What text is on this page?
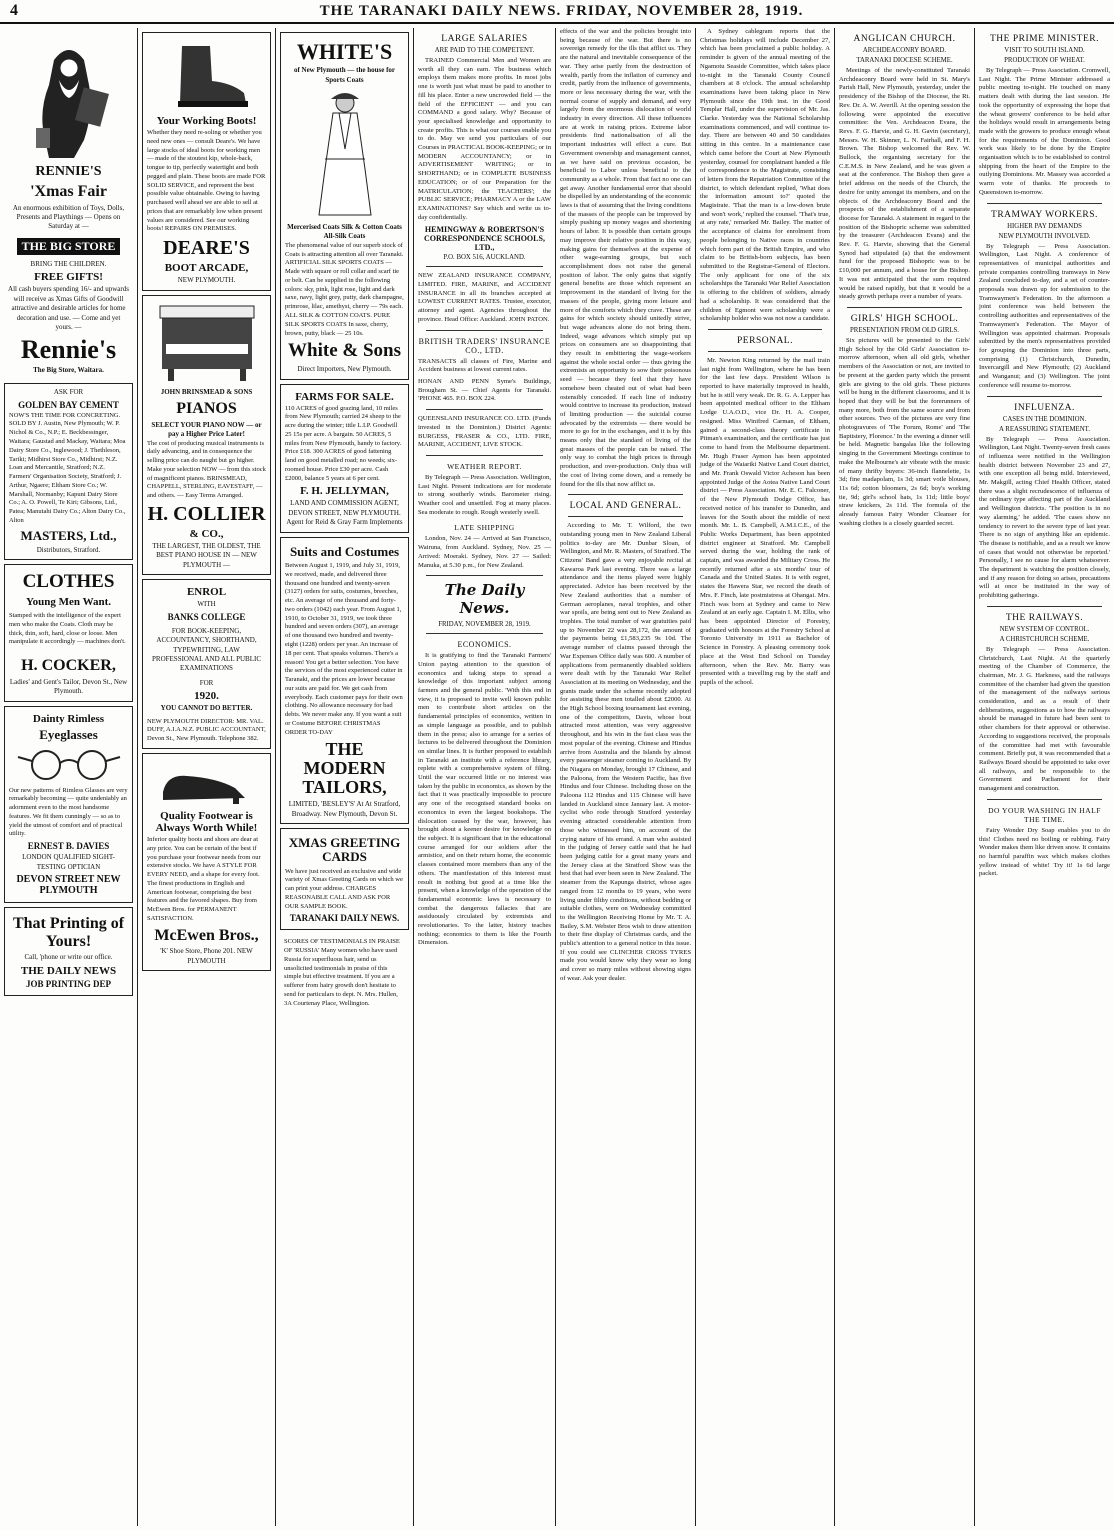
4	THE TARANAKI DAILY NEWS. FRIDAY, NOVEMBER 28, 1919.
RENNIE'S
'Xmas Fair
An enormous exhibition of Toys, Dolls, Presents and Playthings — Opens on Saturday at —
THE BIG STORE
BRING THE CHILDREN.
FREE GIFTS!
All cash buyers spending 16/- and upwards will receive as Xmas Gifts of Goodwill attractive and desirable articles for home decoration and use. — Come and yet yours. —
Rennie's
The Big Store, Waitara.
ASK FOR
GOLDEN BAY CEMENT
NOW'S THE TIME FOR CONCRETING. SOLD BY J. Austin, New Plymouth; W. P. Nichol & Co., N.P.; E. Beckbessinger, Waitara; Gaustad and Mackay, Waitara; Moa Dairy Store Co., Inglewood; J. Thethleson, Tariki; Midhirst Store Co., Midhirst; N.Z. Loan and Mercantile, Stratford; N.Z. Farmers' Organisation Society, Stratford; J. Arthur, Ngaere; Eltham Store Co.; W. Marshall, Normanby; Kapuni Dairy Store Co.; A. O. Powell, Te Kiri; Gibsons, Ltd., Patea; Manutahi Dairy Co.; Alton Dairy Co., Alton
MASTERS, Ltd.,
Distributors, Stratford.
CLOTHES
Young Men Want.
Stamped with the intelligence of the expert men who make the Coats. Cloth may be thick, thin, soft, hard, close or loose. Men manipulate it accordingly — machines don't.
H. COCKER,
Ladies' and Gent's Tailor, Devon St., New Plymouth.
Dainty Rimless
Eyeglasses
Our new patterns of Rimless Glasses are very remarkably becoming — quite undeniably an adornment even to the most handsome features. We fit them cunningly — so as to yield the utmost of comfort and of practical utility.
ERNEST B. DAVIES
LONDON QUALIFIED SIGHT-TESTING OPTICIAN
DEVON STREET NEW PLYMOUTH
That Printing of Yours!
Call, 'phone or write our office.
THE DAILY NEWS
JOB PRINTING DEP
Your Working Boots!
Whether they need re-soling or whether you need new ones — consult Deare's. We have large stocks of ideal boots for working men — made of the stoutest kip, whole-back, tongue to tip, perfectly watertight and both pegged and plain. These boots are made FOR SOLID SERVICE, and represent the best possible value obtainable. Owing to having purchased well ahead we are able to sell at prices that are remarkably low when present values are considered. See our working boots! REPAIRS ON PREMISES.
DEARE'S
BOOT ARCADE,
NEW PLYMOUTH.
JOHN BRINSMEAD & SONS
PIANOS
SELECT YOUR PIANO NOW — or pay a Higher Price Later!
The cost of producing musical instruments is daily advancing, and in consequence the selling price can do naught but go higher. Make your selection NOW — from this stock of magnificent pianos. BRINSMEAD, CHAPPELL, STERLING, EAVESTAFF, — and others. — Easy Terms Arranged.
H. COLLIER
& CO.,
THE LARGEST, THE OLDEST, THE BEST PIANO HOUSE IN — NEW PLYMOUTH —
ENROL
WITH
BANKS COLLEGE
FOR BOOK-KEEPING, ACCOUNTANCY, SHORTHAND, TYPEWRITING, LAW PROFESSIONAL AND ALL PUBLIC EXAMINATIONS
FOR
1920.
YOU CANNOT DO BETTER.
NEW PLYMOUTH DIRECTOR: MR. VAL. DUFF, A.I.A.N.Z. PUBLIC ACCOUNTANT, Devon St., New Plymouth. Telephone 382.
Quality Footwear is Always Worth While!
Inferior quality boots and shoes are dear at any price. You can be certain of the best if you purchase your footwear needs from our extensive stocks. We have A STYLE FOR EVERY NEED, and a shape for every foot. The finest productions in English and American footwear, comprising the best features and the favored shapes. Buy from McEwen Bros. for PERMANENT SATISFACTION.
McEwen Bros.,
'K' Shoe Store, Phone 201. NEW PLYMOUTH
WHITE'S
of New Plymouth — the house for Sports Coats
Mercerised Coats Silk & Cotton Coats All-Silk Coats
The phenomenal value of our superb stock of Coats is attracting attention all over Taranaki. ARTIFICIAL SILK SPORTS COATS — Made with square or roll collar and scarf tie or belt. Can be supplied in the following colors: sky, pink, light rose, light and dark saxe, navy, light grey, putty, dark champagne, primrose, lilac, amethyst, cherry — 79s each. ALL SILK & COTTON COATS. PURE SILK SPORTS COATS In saxe, cherry, brown, putty, black — 25 10s.
White & Sons
Direct Importers, New Plymouth.
FARMS FOR SALE.
110 ACRES of good grazing land, 10 miles from New Plymouth; carried 24 sheep to the acre during the winter; title L.I.P. Goodwill 25 15s per acre. A bargain. 50 ACRES, 5 miles from New Plymouth, handy to factory. Price £18. 300 ACRES of good fattening land on good metalled road; no weeds; six-roomed house. Price £30 per acre. Cash £2000, balance 5 years at 6 per cent.
F. H. JELLYMAN,
LAND AND COMMISSION AGENT, DEVON STREET, NEW PLYMOUTH. Agent for Reid & Gray Farm Implements
Suits and Costumes
Between August 1, 1919, and July 31, 1919, we received, made, and delivered three thousand one hundred and twenty-seven (3127) orders for suits, costumes, breeches, etc. An average of one thousand and forty-two orders (1042) each year. From August 1, 1910, to October 31, 1919, we took three hundred and seven orders (307), an average of one thousand two hundred and twenty-eight (1228) orders per year. An increase of 18 per cent. That speaks volumes. There's a reason! You get a better selection. You have the services of the most experienced cutter in Taranaki, and the prices are lower because our suits are paid for. We get cash from everybody. Each customer pays for their own clothing. No allowance necessary for bad debts. We never make any. If you want a suit or Costume BEFORE CHRISTMAS ORDER TO-DAY
THE MODERN TAILORS,
LIMITED, 'BESLEY'S' At At Stratford, Broadway. New Plymouth, Devon St.
XMAS GREETING CARDS
We have just received an exclusive and wide variety of Xmas Greeting Cards on which we can print your address. CHARGES REASONABLE CALL AND ASK FOR OUR SAMPLE BOOK.
TARANAKI DAILY NEWS.
SCORES OF TESTIMONIALS IN PRAISE OF 'RUSSIA' Many women who have used Russia for superfluous hair, send us unsolicited testimonials in praise of this simple but effective treatment. If you are a sufferer from hairy growth don't hesitate to send for particulars to dept. N. Mrs. Hullen, 3A Courtenay Place, Wellington.
LARGE SALARIES
ARE PAID TO THE COMPETENT.

TRAINED Commercial Men and Women are worth all they can earn. The business which employs them makes more profits. In most jobs one is worth just what must be paid to another to fill his place. Enter a new uncrowded field — the field of the EFFICIENT — and you can COMMAND a good salary. Why? Because of your specialised knowledge and opportunity to create profits. This is what our courses enable you to do. May we send you particulars of our Courses in PRACTICAL BOOK-KEEPING; or in MODERN ACCOUNTANCY; or in ADVERTISEMENT WRITING; or in SHORTHAND; or in COMPLETE BUSINESS EDUCATION; or of our Preparation for the MATRICULATION; the TEACHERS'; the PUBLIC SERVICE; PHARMACY A or the LAW EXAMINATIONS? Say which and write us to-day confidentially.

HEMINGWAY & ROBERTSON'S CORRESPONDENCE SCHOOLS, LTD.,
P.O. BOX 516, AUCKLAND.

NEW ZEALAND INSURANCE COMPANY, LIMITED. FIRE, MARINE, and ACCIDENT INSURANCE in all its branches accepted at LOWEST CURRENT RATES. Trustee, executor, attorney and agent. Agencies throughout the province. Head Office: Auckland. JOHN PATON.

BRITISH TRADERS' INSURANCE CO., LTD.

TRANSACTS all classes of Fire, Marine and Accident business at lowest current rates.

HONAN AND PENN Syme's Buildings, Brougham St. — Chief Agents for Taranaki. 'PHONE 465. P.O. BOX 224.

QUEENSLAND INSURANCE CO. LTD. (Funds invested in the Dominion.) District Agents: BURGESS, FRASER & CO., LTD. FIRE, MARINE, ACCIDENT, LIVE STOCK.

WEATHER REPORT.

By Telegraph — Press Association. Wellington, Last Night. Present indications are for moderate to strong southerly winds. Barometer rising. Weather cool and unsettled. Fog at many places. Sea moderate to rough. Rough westerly swell.

LATE SHIPPING

London, Nov. 24 — Arrived at San Francisco, Wairuna, from Auckland. Sydney, Nov. 25 — Arrived: Moeraki. Sydney, Nov. 27 — Sailed: Manuka, at 5.30 p.m., for New Zealand.

The Daily News.
FRIDAY, NOVEMBER 28, 1919.
ECONOMICS.

It is gratifying to find the Taranaki Farmers' Union paying attention to the question of economics and taking steps to spread a knowledge of this important subject among farmers and the general public. 'With this end in view, it is proposed to invite well known public men to contribute short articles on the fundamental principles of economics, written in as simple language as possible, and to publish them in the press; also to arrange for a series of lectures to be delivered throughout the Dominion on similar lines. It is further proposed to establish in Taranaki an institute with a reference library, replete with a comprehensive system of filing. Until the war occurred little or no interest was taken by the public in economics, as shown by the fact that it was practically impossible to procure any one of the recognised standard books on economics in even the largest bookshops. The dislocation caused by the war, however, has brought about a keener desire for knowledge on the subject. It is significant that in the educational course arranged for our soldiers after the armistice, and on their return home, the economic classes contained more members than any of the others. The manifestation of this interest must result in nothing but good at a time like the present, when a knowledge of the operation of the fundamental economic laws is necessary to combat the dangerous fallacies that are assiduously circulated by extremists and revolutionaries. To the latter, history teaches nothing; economics to them is like the Fourth Dimension.

effects of the war and the policies brought into being because of the war. But there is no sovereign remedy for the ills that afflict us. They are the natural and inevitable consequence of the war. They arise partly from the destruction of wealth, partly from the inflation of currency and credit, partly from the influence of governments, more or less necessary during the war, with the normal course of supply and demand, and very largely from the enormous dislocation of world industry in every direction. All these influences are at work in raising prices. Extreme labor presidents find nationalisation of all the important industries will effect a cure. But Government ownership and management cannot, as we have said on previous occasion, be beneficial to Labor unless beneficial to the community as a whole. From that fact no one can get away. Another fundamental error that should be dispelled by an understanding of the economic laws is that of assuming that the living conditions of the masses of the people can be improved by simply pushing up money wages and shortening hours of labor. It is possible than certain groups may improve their relative position in this way, making gains for themselves at the expense of other wage-earning groups, but such accomplishment does not raise the general position of labor. The only gains that signify general benefits are those which represent an improvement in the standard of living for the masses of the people, giving more leisure and more of the comforts which they crave. These are gains for which society should unitedly strive, but wage advances alone do not bring them. Indeed, wage advances which simply put up prices on consumers are so disappointing that they result in embittering the wage-workers against the whole social order — thus giving the extremists an opportunity to sow their poisonous seed — because they feel that they have somehow been cheated out of what had been ostensibly conceded. If each line of industry would contrive to increase its production, instead of limiting production — the suicidal course advocated by the extremists — there would be more to go for in the exchanges, and it is by this means only that the standard of living of the great masses of the people can be raised. The only way to combat the high prices is through production, and over-production. Only thus will the cost of living come down, and a remedy be found for the ills that now afflict us.

LOCAL AND GENERAL.

According to Mr. T. Wilford, the two outstanding young men in New Zealand Liberal politics to-day are Mr. Dunbar Sloan, of Wellington, and Mr. R. Masters, of Stratford. The Citizens' Band gave a very enjoyable recital at Kawaroa Park last evening. There was a large attendance and the items played were highly appreciated. Advice has been received by the New Zealand authorities that a number of German aeroplanes, naval trophies, and other war spoils, are being sent out to New Zealand as trophies. The total number of war gratuities paid up to November 22 was 28,172, the amount of the payments being £1,583,235 9s 10d. The average number of claims passed through the War Expenses Office daily was 600. A number of applications from permanently disabled soldiers were dealt with by the Taranaki War Relief Association at its meeting on Wednesday, and the grants made under the scheme recently adopted for assisting these men totalled about £2000. At the High School boxing tournament last evening, one of the competitors, Davis, whose bout attracted most attention, was very aggressive throughout, and his win in the fast class was the most popular of the evening. Chinese and Hindus arrive from Australia and the Islands by almost every passenger steamer coming to Auckland. By the Niagara on Monday, brought 17 Chinese, and the Paloona, from the Western Pacific, has five Hindus and four Chinese. Including those on the Paloona 112 Hindus and 115 Chinese will have landed in Auckland since January last. A motor-cyclist who rode through Stratford yesterday evening attracted considerable attention from those who witnessed him, on account of the crying nature of his errand. A man who assisted in the judging of Jersey cattle said that he had been judging cattle for a great many years and the Jersey class at the Stratford Show was the best that had ever been seen in New Zealand. The steamer from the Kapunga district, whose ages ranged from 12 months to 19 years, who were living under filthy conditions, without bedding or suitable clothes, were on Wednesday committed to the Wellington Receiving Home by Mr. T. A. Bailey, S.M. Webster Bros wish to draw attention to their fine display of Christmas cards, and the public's attention to a general notice in this issue. If you could see CLINCHER CROSS TYRES made you would know why they wear so long and cover so many miles without showing signs of wear. Ask your dealer.

A Sydney cablegram reports that the Christmas holidays will include December 27, which has been proclaimed a public holiday. A reminder is given of the annual meeting of the Ngamotu Seaside Committee, which takes place to-night in the Taranaki County Council chambers at 8 o'clock. The annual scholarship examinations have been taking place in New Plymouth since the 19th inst. in the Good Templar Hall, under the supervision of Mr. Jas. Clarke. Yesterday was the National Scholarship examinations commenced, and will continue to-day. There are between 40 and 50 candidates sitting in this centre. In a maintenance case which came before the Court at New Plymouth yesterday, counsel for complainant handed a file of correspondence to the Magistrate, consisting of letters from the Repatriation Committee of the district, to which defendant replied, 'What does the information amount to?' quoted the Magistrate. 'That the man is a low-down brute and won't work,' replied the counsel. 'That's true, at any rate,' remarked Mr. Bailey. The matter of the acceptance of claims for enrolment from people belonging to Native races in countries which form part of the British Empire, and who claim to be British-born subjects, has been submitted to the Registrar-General of Electors. The only applicant for one of the six scholarships the Taranaki War Relief Association is offering to the children of soldiers, already had a scholarship. It was considered that the children of Egmont were scholarship were a scholarship holder who was not now a candidate.

PERSONAL.

Mr. Newton King returned by the mail train last night from Wellington, where he has been for the last few days. President Wilson is reported to have materially improved in health, but he is still very weak. Dr. R. G. A. Lepper has been appointed medical officer to the Eltham Lodge U.A.O.D., vice Dr. H. A. Cooper, resigned. Miss Winifred Carman, of Eltham, gained a second-class theory certificate in Pitman's examination, and the certificate has just come to hand from the Melbourne department. Mr. Hugh Fraser Aymon has been appointed judge of the Waiariki Native Land Court district, and Mr. Frank Oswald Victor Acheson has been appointed Judge of the Aotea Native Land Court district — Press Association. Mr. E. C. Falconer, of the New Plymouth Dodge Office, has received notice of his transfer to Dunedin, and leaves for the South about the middle of next month. Mr. L. B. Campbell, A.M.I.C.E., of the Public Works Department, has been appointed district engineer at Stratford. Mr. Campbell served during the war, holding the rank of captain, and was awarded the Military Cross. He recently returned after a six months' tour of Canada and the United States. It is with regret, states the Hawera Star, we record the death of Mrs. F. Finch, late postmistress at Ohangai. Mrs. Finch was born at Sydney and came to New Zealand at an early age. Captain I. M. Ellis, who has been appointed Director of Forestry, graduated with honours at the Forestry School at Toronto University in 1911 as Bachelor of Science in Forestry. A pleasing ceremony took place at the West End School on Tuesday afternoon, when the Rev. Mr. Barry was presented with a travelling rug by the staff and pupils of the school.

ANGLICAN CHURCH.
ARCHDEACONRY BOARD.
TARANAKI DIOCESE SCHEME.

Meetings of the newly-constituted Taranaki Archdeaconry Board were held in St. Mary's Parish Hall, New Plymouth, yesterday, under the presidency of the Bishop of the Diocese, the Rt. Rev. Dr. A. W. Averill. At the opening session the following were appointed the executive committee: the Ven. Archdeacon Evans, the Revs. F. G. Harvie, and G. H. Gavin (secretary), Messrs. W. H. Skinner, L. N. Fairhall, and F. H. Brown. The Bishop welcomed the Rev. W. Bullock, the organising secretary for the C.E.M.S. in New Zealand, and he was given a seat at the conference. The Bishop then gave a brief address on the needs of the Church, the desire for unity amongst its members, and on the objects of the Archdeaconry Board and the prospects of the establishment of a separate diocese for Taranaki. A statement in regard to the position of the Bishopric scheme was submitted by the treasurer (Archdeacon Evans) and the Rev. F. G. Harvie, showing that the General Synod had stipulated (a) that the endowment fund for the proposed Bishopric was to be £10,000 per annum, and a house for the Bishop. It was not anticipated that the sum required would be raised rapidly, but that it would be a steady growth perhaps over a number of years.

GIRLS' HIGH SCHOOL.
PRESENTATION FROM OLD GIRLS.

Six pictures will be presented to the Girls' High School by the Old Girls' Association to-morrow afternoon, when all old girls, whether members of the Association or not, are invited to be present at the garden party which the present girls are giving to the old girls. These pictures will be hung in the different classrooms, and it is hoped that they will be but the forerunners of many more, both from the same source and from other sources. Two of the pictures are very fine photogravures of 'The Forum, Rome' and 'The Baptistery, Florence.' In the evening a dinner will be held. Magnetic bangalas like the following singing in the Government Meetings continue to make the Melbourne's air vibrate with the music of many thrifty buyers: 36-inch flannelette, 1s 3d; fine madapolam, 1s 3d; smart voile blouses, 11s 6d; cotton bloomers, 2s 6d; boy's working tie, 9d; girl's school hats, 1s 11d; little boys' straw knickers, 2s 11d. The formula of the already famous Fairy Wonder Cleanser for washing clothes is a closely guarded secret.

THE PRIME MINISTER.
VISIT TO SOUTH ISLAND.
PRODUCTION OF WHEAT.

By Telegraph — Press Association. Cromwell, Last Night. The Prime Minister addressed a public meeting to-night. He touched on many matters dealt with during the last session. He took the opportunity of expressing the hope that the wheat growers' conference to be held after the holidays would result in arrangements being made with the growers to produce enough wheat for the requirements of the Dominion. Good work was likely to be done by the Empire organisation which is to be established to control shipping from the heart of the Empire to the outlying Dominions. Mr. Massey was accorded a warm vote of thanks. He proceeds to Queenstown to-morrow.

TRAMWAY WORKERS.
HIGHER PAY DEMANDS
NEW PLYMOUTH INVOLVED.

By Telegraph — Press Association. Wellington, Last Night. A conference of representatives of municipal authorities and private companies controlling tramways in New Zealand concluded to-day, and a set of counter-proposals was drawn up for submission to the Tramwaymen's Federation. In the afternoon a joint conference was held between the controlling authorities and representatives of the Tramwaymen's Federation. The Mayor of Wellington was appointed chairman. Proposals submitted by the men's representatives provided for grouping the Dominion into three parts, comprising (1) Christchurch, Dunedin, Invercargill and New Plymouth; (2) Auckland and Wanganui; and (3) Wellington. The joint conference will resume to-morrow.

INFLUENZA.
CASES IN THE DOMINION.
A REASSURING STATEMENT.

By Telegraph — Press Association. Wellington, Last Night. Twenty-seven fresh cases of influenza were notified in the Wellington health district between November 23 and 27, with one exception all being mild. Interviewed, Mr. Makgill, acting Chief Health Officer, stated there was a slight recrudescence of influenza of the ordinary type affecting part of the Auckland and Wellington districts. 'The position is in no way alarming,' he added. 'The cases show no tendency to revert to the severe type of last year. There is no sign of anything like an epidemic. The disease is notifiable, and as a result we know of cases that would not otherwise be reported.' Personally, I see no cause for alarm whatsoever. The department is watching the position closely, and if any reason for doing so arises, precautions will at once be instituted in the way of prohibiting gatherings.

THE RAILWAYS.
NEW SYSTEM OF CONTROL.
A CHRISTCHURCH SCHEME.

By Telegraph — Press Association. Christchurch, Last Night. At the quarterly meeting of the Chamber of Commerce, the chairman, Mr. J. G. Harkness, said the railways committee of the chamber had given the question of the management of the railways serious consideration, and as a result of their deliberations, suggestions as to how the railways should be managed in future had been sent to other chambers for their approval or otherwise. According to suggestions received, the proposals of the committee had met with favourable comment. Briefly put, it was recommended that a Railways Board should be appointed to take over all railways, and be responsible to the Government and Parliament for their management and construction.

DO YOUR WASHING IN HALF THE TIME.

Fairy Wonder Dry Soap enables you to do this! Clothes need no boiling or rubbing. Fairy Wonder makes them like driven snow. It contains no harmful paraffin wax which makes clothes yellow instead of white! Try it! 1s 6d large packet.
